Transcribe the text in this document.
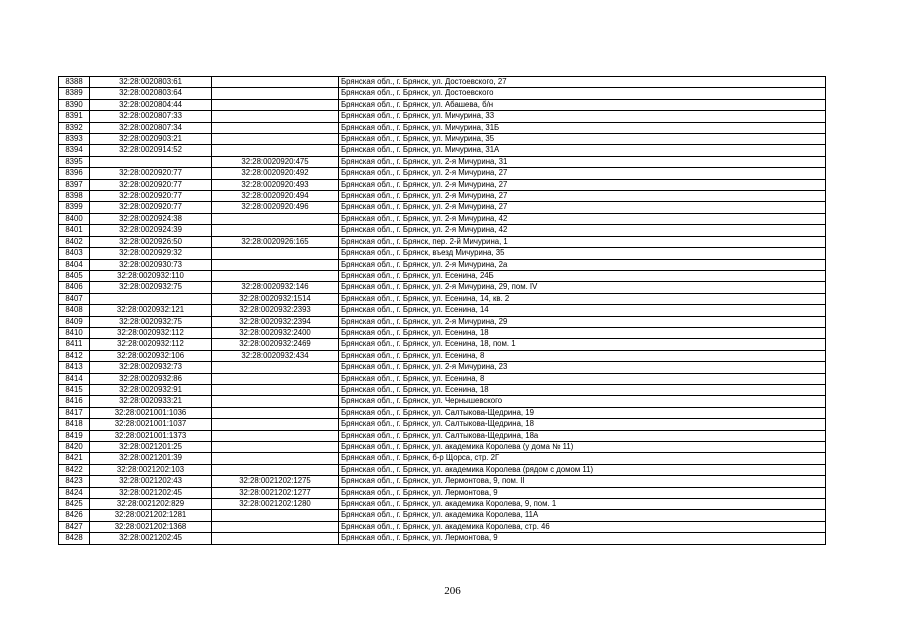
8388	32:28:0020803:61		Брянская обл., г. Брянск, ул. Достоевского, 27
8389	32:28:0020803:64		Брянская обл., г. Брянск, ул. Достоевского
8390	32:28:0020804:44		Брянская обл., г. Брянск, ул. Абашева, б/н
8391	32:28:0020807:33		Брянская обл., г. Брянск, ул. Мичурина, 33
8392	32:28:0020807:34		Брянская обл., г. Брянск, ул. Мичурина, 31Б
8393	32:28:0020903:21		Брянская обл., г. Брянск, ул. Мичурина, 35
8394	32:28:0020914:52		Брянская обл., г. Брянск, ул. Мичурина, 31А
8395		32:28:0020920:475	Брянская обл., г. Брянск, ул. 2-я Мичурина, 31
8396	32:28:0020920:77	32:28:0020920:492	Брянская обл., г. Брянск, ул. 2-я Мичурина, 27
8397	32:28:0020920:77	32:28:0020920:493	Брянская обл., г. Брянск, ул. 2-я Мичурина, 27
8398	32:28:0020920:77	32:28:0020920:494	Брянская обл., г. Брянск, ул. 2-я Мичурина, 27
8399	32:28:0020920:77	32:28:0020920:496	Брянская обл., г. Брянск, ул. 2-я Мичурина, 27
8400	32:28:0020924:38		Брянская обл., г. Брянск, ул. 2-я Мичурина, 42
8401	32:28:0020924:39		Брянская обл., г. Брянск, ул. 2-я Мичурина, 42
8402	32:28:0020926:50	32:28:0020926:165	Брянская обл., г. Брянск, пер. 2-й Мичурина, 1
8403	32:28:0020929:32		Брянская обл., г. Брянск, въезд Мичурина, 35
8404	32:28:0020930:73		Брянская обл., г. Брянск, ул. 2-я Мичурина, 2а
8405	32:28:0020932:110		Брянская обл., г. Брянск, ул. Есенина, 24Б
8406	32:28:0020932:75	32:28:0020932:146	Брянская обл., г. Брянск, ул. 2-я Мичурина, 29, пом. IV
8407		32:28:0020932:1514	Брянская обл., г. Брянск, ул. Есенина, 14, кв. 2
8408	32:28:0020932:121	32:28:0020932:2393	Брянская обл., г. Брянск, ул. Есенина, 14
8409	32:28:0020932:75	32:28:0020932:2394	Брянская обл., г. Брянск, ул. 2-я Мичурина, 29
8410	32:28:0020932:112	32:28:0020932:2400	Брянская обл., г. Брянск, ул. Есенина, 18
8411	32:28:0020932:112	32:28:0020932:2469	Брянская обл., г. Брянск, ул. Есенина, 18, пом. 1
8412	32:28:0020932:106	32:28:0020932:434	Брянская обл., г. Брянск, ул. Есенина, 8
8413	32:28:0020932:73		Брянская обл., г. Брянск, ул. 2-я Мичурина, 23
8414	32:28:0020932:86		Брянская обл., г. Брянск, ул. Есенина, 8
8415	32:28:0020932:91		Брянская обл., г. Брянск, ул. Есенина, 18
8416	32:28:0020933:21		Брянская обл., г. Брянск, ул. Чернышевского
8417	32:28:0021001:1036		Брянская обл., г. Брянск, ул. Салтыкова-Щедрина, 19
8418	32:28:0021001:1037		Брянская обл., г. Брянск, ул. Салтыкова-Щедрина, 18
8419	32:28:0021001:1373		Брянская обл., г. Брянск, ул. Салтыкова-Щедрина, 18а
8420	32:28:0021201:25		Брянская обл., г. Брянск, ул. академика Королева (у дома № 11)
8421	32:28:0021201:39		Брянская обл., г. Брянск, б-р Щорса, стр. 2Г
8422	32:28:0021202:103		Брянская обл., г. Брянск, ул. академика Королева (рядом с домом 11)
8423	32:28:0021202:43	32:28:0021202:1275	Брянская обл., г. Брянск, ул. Лермонтова, 9, пом. II
8424	32:28:0021202:45	32:28:0021202:1277	Брянская обл., г. Брянск, ул. Лермонтова, 9
8425	32:28:0021202:829	32:28:0021202:1280	Брянская обл., г. Брянск, ул. академика Королева, 9, пом. 1
8426	32:28:0021202:1281		Брянская обл., г. Брянск, ул. академика Королева, 11А
8427	32:28:0021202:1368		Брянская обл., г. Брянск, ул. академика Королева, стр. 46
8428	32:28:0021202:45		Брянская обл., г. Брянск, ул. Лермонтова, 9
206
